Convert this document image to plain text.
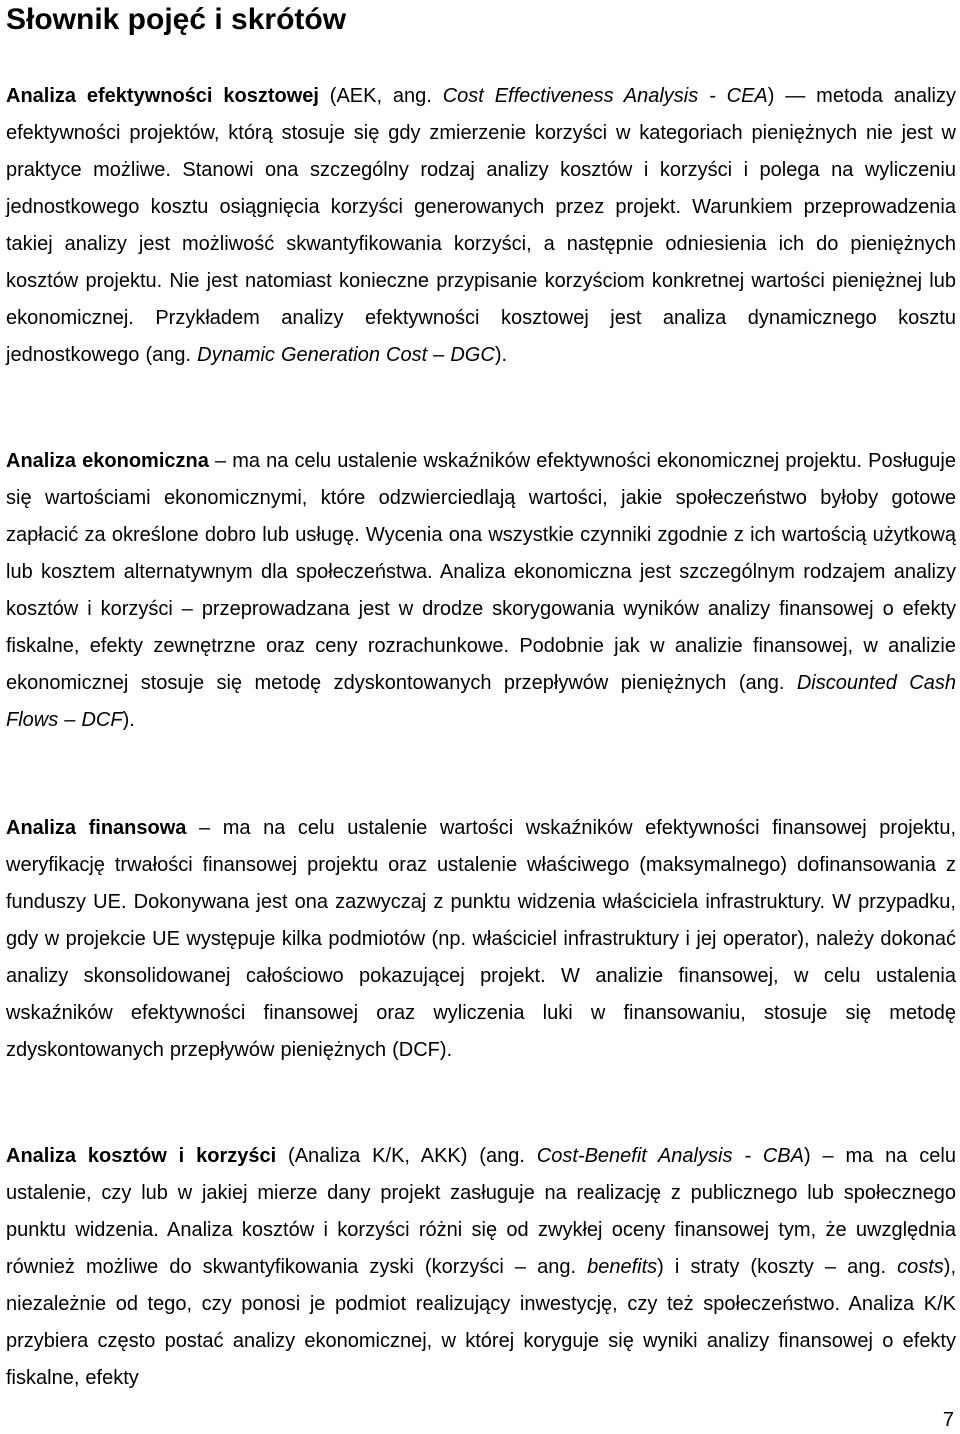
Słownik pojęć i skrótów

Analiza efektywności kosztowej (AEK, ang. Cost Effectiveness Analysis - CEA) — metoda analizy efektywności projektów, którą stosuje się gdy zmierzenie korzyści w kategoriach pieniężnych nie jest w praktyce możliwe. Stanowi ona szczególny rodzaj analizy kosztów i korzyści i polega na wyliczeniu jednostkowego kosztu osiągnięcia korzyści generowanych przez projekt. Warunkiem przeprowadzenia takiej analizy jest możliwość skwantyfikowania korzyści, a następnie odniesienia ich do pieniężnych kosztów projektu. Nie jest natomiast konieczne przypisanie korzyściom konkretnej wartości pieniężnej lub ekonomicznej. Przykładem analizy efektywności kosztowej jest analiza dynamicznego kosztu jednostkowego (ang. Dynamic Generation Cost – DGC).

Analiza ekonomiczna – ma na celu ustalenie wskaźników efektywności ekonomicznej projektu. Posługuje się wartościami ekonomicznymi, które odzwierciedlają wartości, jakie społeczeństwo byłoby gotowe zapłacić za określone dobro lub usługę. Wycenia ona wszystkie czynniki zgodnie z ich wartością użytkową lub kosztem alternatywnym dla społeczeństwa. Analiza ekonomiczna jest szczególnym rodzajem analizy kosztów i korzyści – przeprowadzana jest w drodze skorygowania wyników analizy finansowej o efekty fiskalne, efekty zewnętrzne oraz ceny rozrachunkowe. Podobnie jak w analizie finansowej, w analizie ekonomicznej stosuje się metodę zdyskontowanych przepływów pieniężnych (ang. Discounted Cash Flows – DCF).

Analiza finansowa – ma na celu ustalenie wartości wskaźników efektywności finansowej projektu, weryfikację trwałości finansowej projektu oraz ustalenie właściwego (maksymalnego) dofinansowania z funduszy UE. Dokonywana jest ona zazwyczaj z punktu widzenia właściciela infrastruktury. W przypadku, gdy w projekcie UE występuje kilka podmiotów (np. właściciel infrastruktury i jej operator), należy dokonać analizy skonsolidowanej całościowo pokazującej projekt. W analizie finansowej, w celu ustalenia wskaźników efektywności finansowej oraz wyliczenia luki w finansowaniu, stosuje się metodę zdyskontowanych przepływów pieniężnych (DCF).

Analiza kosztów i korzyści (Analiza K/K, AKK) (ang. Cost-Benefit Analysis - CBA) – ma na celu ustalenie, czy lub w jakiej mierze dany projekt zasługuje na realizację z publicznego lub społecznego punktu widzenia. Analiza kosztów i korzyści różni się od zwykłej oceny finansowej tym, że uwzględnia również możliwe do skwantyfikowania zyski (korzyści – ang. benefits) i straty (koszty – ang. costs), niezależnie od tego, czy ponosi je podmiot realizujący inwestycję, czy też społeczeństwo. Analiza K/K przybiera często postać analizy ekonomicznej, w której koryguje się wyniki analizy finansowej o efekty fiskalne, efekty

7
